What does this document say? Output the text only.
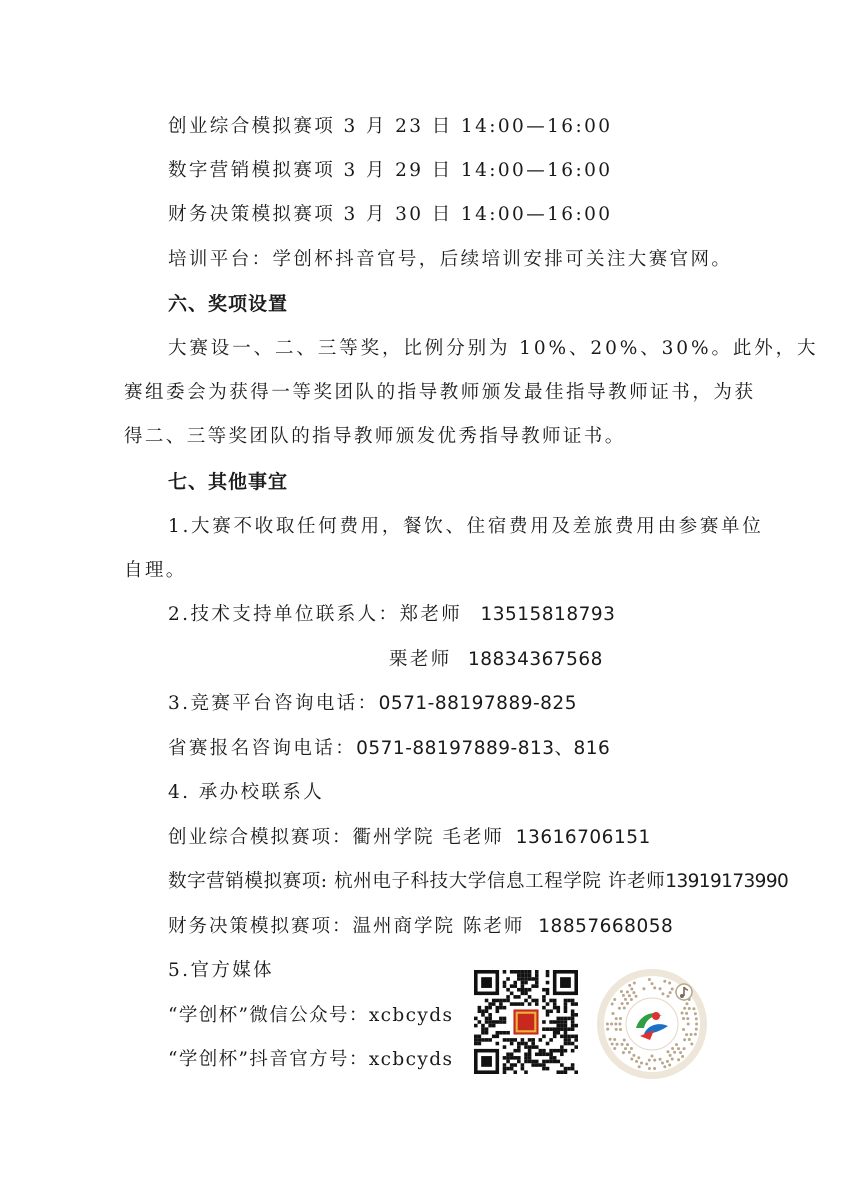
创业综合模拟赛项 3 月 23 日 14:00—16:00
数字营销模拟赛项 3 月 29 日 14:00—16:00
财务决策模拟赛项 3 月 30 日 14:00—16:00
培训平台：学创杯抖音官号，后续培训安排可关注大赛官网。
六、奖项设置
大赛设一、二、三等奖，比例分别为 10%、20%、30%。此外，大
赛组委会为获得一等奖团队的指导教师颁发最佳指导教师证书，为获
得二、三等奖团队的指导教师颁发优秀指导教师证书。
七、其他事宜
1.大赛不收取任何费用，餐饮、住宿费用及差旅费用由参赛单位
自理。
2.技术支持单位联系人：郑老师 13515818793
栗老师 18834367568
3.竞赛平台咨询电话：0571-88197889-825
省赛报名咨询电话：0571-88197889-813、816
4. 承办校联系人
创业综合模拟赛项：衢州学院 毛老师 13616706151
数字营销模拟赛项: 杭州电子科技大学信息工程学院 许老师13919173990
财务决策模拟赛项：温州商学院 陈老师 18857668058
5.官方媒体
“学创杯”微信公众号：xcbcyds
“学创杯”抖音官方号：xcbcyds
